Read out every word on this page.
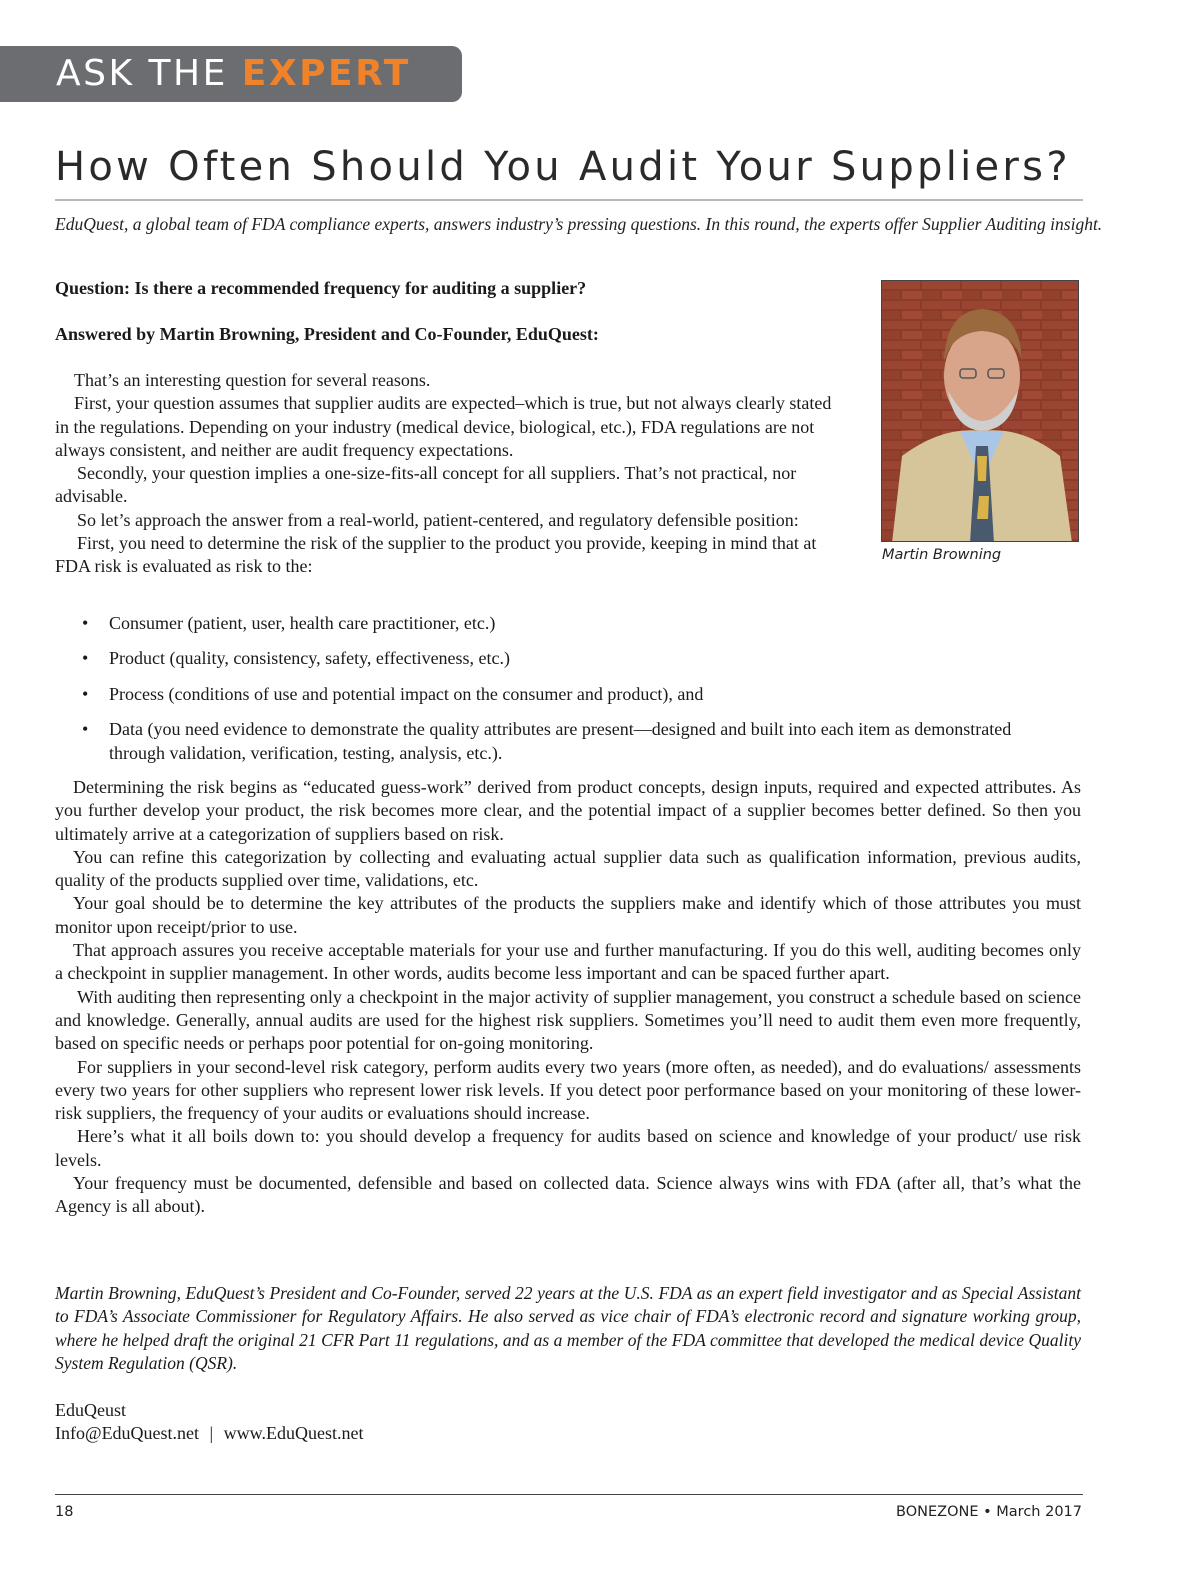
ASK THE EXPERT
How Often Should You Audit Your Suppliers?
EduQuest, a global team of FDA compliance experts, answers industry’s pressing questions. In this round, the experts offer Supplier Auditing insight.
Question: Is there a recommended frequency for auditing a supplier?
Answered by Martin Browning, President and Co-Founder, EduQuest:

That’s an interesting question for several reasons.

First, your question assumes that supplier audits are expected–which is true, but not always clearly stated in the regulations. Depending on your industry (medical device, biological, etc.), FDA regulations are not always consistent, and neither are audit frequency expectations.

Secondly, your question implies a one-size-fits-all concept for all suppliers. That’s not practical, nor advisable.

So let’s approach the answer from a real-world, patient-centered, and regulatory defensible position:

First, you need to determine the risk of the supplier to the product you provide, keeping in mind that at FDA risk is evaluated as risk to the:

Martin Browning
• Consumer (patient, user, health care practitioner, etc.)
• Product (quality, consistency, safety, effectiveness, etc.)
• Process (conditions of use and potential impact on the consumer and product), and
• Data (you need evidence to demonstrate the quality attributes are present—designed and built into each item as demonstrated through validation, verification, testing, analysis, etc.).

Determining the risk begins as “educated guess-work” derived from product concepts, design inputs, required and expected attributes. As you further develop your product, the risk becomes more clear, and the potential impact of a supplier becomes better defined. So then you ultimately arrive at a categorization of suppliers based on risk.

You can refine this categorization by collecting and evaluating actual supplier data such as qualification information, previous audits, quality of the products supplied over time, validations, etc.

Your goal should be to determine the key attributes of the products the suppliers make and identify which of those attributes you must monitor upon receipt/prior to use.

That approach assures you receive acceptable materials for your use and further manufacturing. If you do this well, auditing becomes only a checkpoint in supplier management. In other words, audits become less important and can be spaced further apart.

With auditing then representing only a checkpoint in the major activity of supplier management, you construct a schedule based on science and knowledge. Generally, annual audits are used for the highest risk suppliers. Sometimes you’ll need to audit them even more frequently, based on specific needs or perhaps poor potential for on-going monitoring.

For suppliers in your second-level risk category, perform audits every two years (more often, as needed), and do evaluations/ assessments every two years for other suppliers who represent lower risk levels. If you detect poor performance based on your monitoring of these lower-risk suppliers, the frequency of your audits or evaluations should increase.

Here’s what it all boils down to: you should develop a frequency for audits based on science and knowledge of your product/ use risk levels.

Your frequency must be documented, defensible and based on collected data. Science always wins with FDA (after all, that’s what the Agency is all about).

Martin Browning, EduQuest’s President and Co-Founder, served 22 years at the U.S. FDA as an expert field investigator and as Special Assistant to FDA’s Associate Commissioner for Regulatory Affairs. He also served as vice chair of FDA’s electronic record and signature working group, where he helped draft the original 21 CFR Part 11 regulations, and as a member of the FDA committee that developed the medical device Quality System Regulation (QSR).

EduQeust
Info@EduQuest.net | www.EduQuest.net
18	BONEZONE • March 2017
